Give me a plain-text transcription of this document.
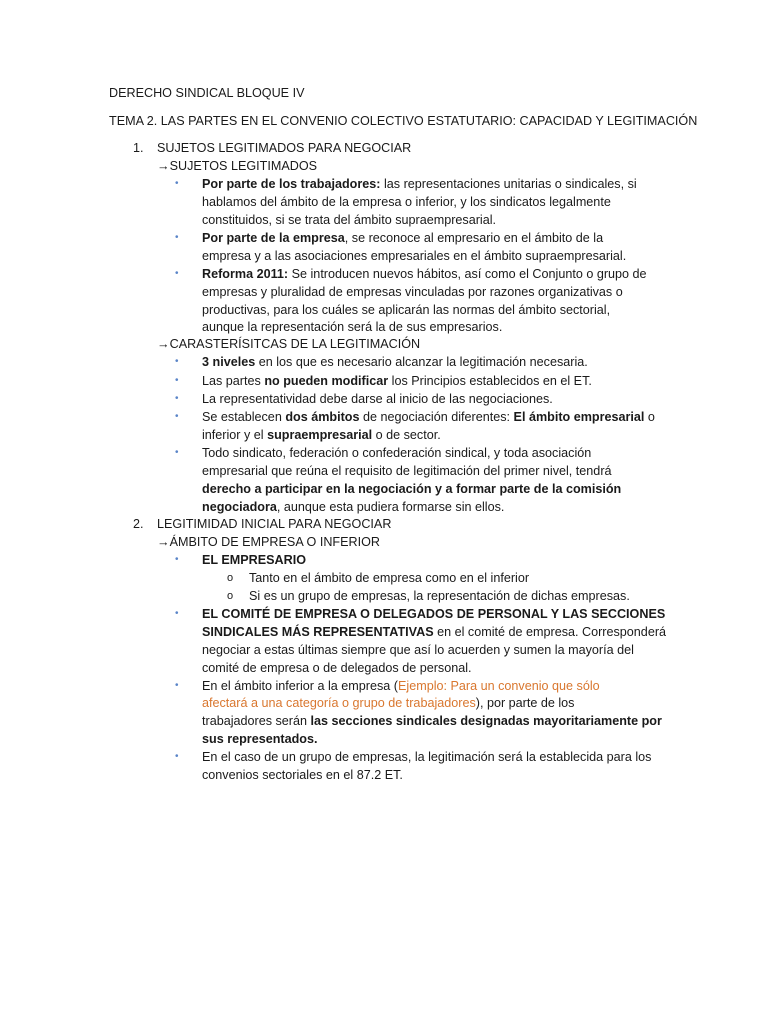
DERECHO SINDICAL BLOQUE IV
TEMA 2. LAS PARTES EN EL CONVENIO COLECTIVO ESTATUTARIO: CAPACIDAD Y LEGITIMACIÓN
1. SUJETOS LEGITIMADOS PARA NEGOCIAR
→SUJETOS LEGITIMADOS
• Por parte de los trabajadores: las representaciones unitarias o sindicales, si
hablamos del ámbito de la empresa o inferior, y los sindicatos legalmente
constituidos, si se trata del ámbito supraempresarial.
• Por parte de la empresa, se reconoce al empresario en el ámbito de la
empresa y a las asociaciones empresariales en el ámbito supraempresarial.
• Reforma 2011: Se introducen nuevos hábitos, así como el Conjunto o grupo de
empresas y pluralidad de empresas vinculadas por razones organizativas o
productivas, para los cuáles se aplicarán las normas del ámbito sectorial,
aunque la representación será la de sus empresarios.
→CARASTERÍSITCAS DE LA LEGITIMACIÓN
• 3 niveles en los que es necesario alcanzar la legitimación necesaria.
• Las partes no pueden modificar los Principios establecidos en el ET.
• La representatividad debe darse al inicio de las negociaciones.
• Se establecen dos ámbitos de negociación diferentes: El ámbito empresarial o
inferior y el supraempresarial o de sector.
• Todo sindicato, federación o confederación sindical, y toda asociación
empresarial que reúna el requisito de legitimación del primer nivel, tendrá
derecho a participar en la negociación y a formar parte de la comisión
negociadora, aunque esta pudiera formarse sin ellos.
2. LEGITIMIDAD INICIAL PARA NEGOCIAR
→ÁMBITO DE EMPRESA O INFERIOR
• EL EMPRESARIO
o Tanto en el ámbito de empresa como en el inferior
o Si es un grupo de empresas, la representación de dichas empresas.
• EL COMITÉ DE EMPRESA O DELEGADOS DE PERSONAL Y LAS SECCIONES
SINDICALES MÁS REPRESENTATIVAS en el comité de empresa. Corresponderá
negociar a estas últimas siempre que así lo acuerden y sumen la mayoría del
comité de empresa o de delegados de personal.
• En el ámbito inferior a la empresa (Ejemplo: Para un convenio que sólo
afectará a una categoría o grupo de trabajadores), por parte de los
trabajadores serán las secciones sindicales designadas mayoritariamente por
sus representados.
• En el caso de un grupo de empresas, la legitimación será la establecida para los
convenios sectoriales en el 87.2 ET.
